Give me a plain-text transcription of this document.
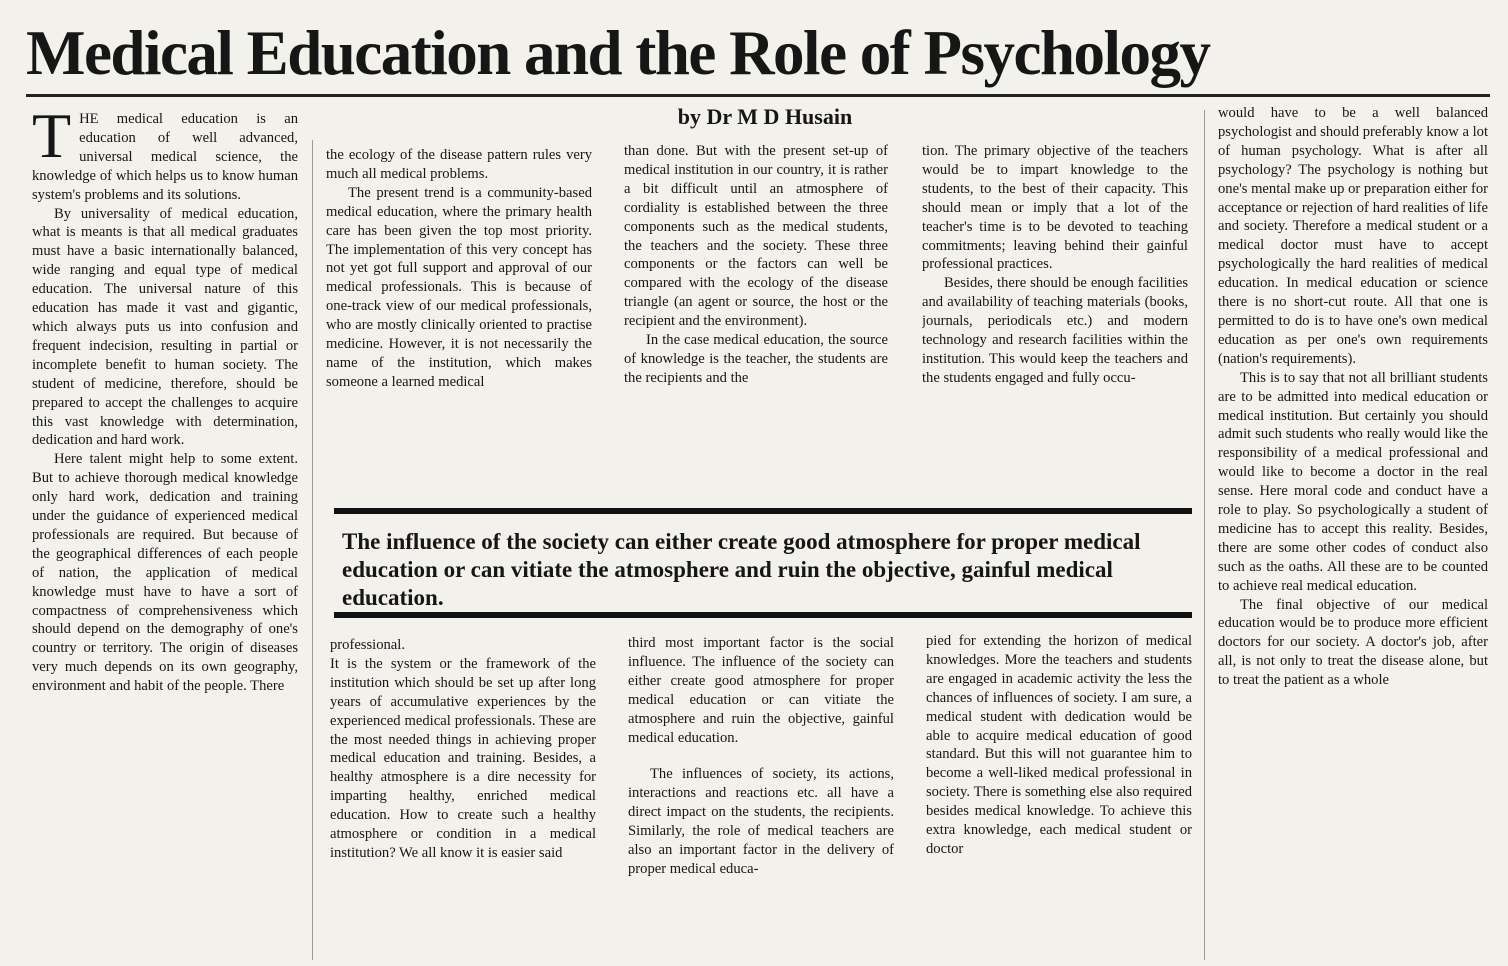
Medical Education and the Role of Psychology
by Dr M D Husain

THE medical education is an education of well advanced, universal medical science, the knowledge of which helps us to know human system's problems and its solutions.

By universality of medical education, what is meants is that all medical graduates must have a basic internationally balanced, wide ranging and equal type of medical education. The universal nature of this education has made it vast and gigantic, which always puts us into confusion and frequent indecision, resulting in partial or incomplete benefit to human society. The student of medicine, therefore, should be prepared to accept the challenges to acquire this vast knowledge with determination, dedication and hard work.

Here talent might help to some extent. But to achieve thorough medical knowledge only hard work, dedication and training under the guidance of experienced medical professionals are required. But because of the geographical differences of each people of nation, the application of medical knowledge must have to have a sort of compactness of comprehensiveness which should depend on the demography of one's country or territory. The origin of diseases very much depends on its own geography, environment and habit of the people. There

the ecology of the disease pattern rules very much all medical problems.

The present trend is a community-based medical education, where the primary health care has been given the top most priority. The implementation of this very concept has not yet got full support and approval of our medical professionals. This is because of one-track view of our medical professionals, who are mostly clinically oriented to practise medicine. However, it is not necessarily the name of the institution, which makes someone a learned medical

than done. But with the present set-up of medical institution in our country, it is rather a bit difficult until an atmosphere of cordiality is established between the three components such as the medical students, the teachers and the society. These three components or the factors can well be compared with the ecology of the disease triangle (an agent or source, the host or the recipient and the environment).

In the case medical education, the source of knowledge is the teacher, the students are the recipients and the

tion. The primary objective of the teachers would be to impart knowledge to the students, to the best of their capacity. This should mean or imply that a lot of the teacher's time is to be devoted to teaching commitments; leaving behind their gainful professional practices.

Besides, there should be enough facilities and availability of teaching materials (books, journals, periodicals etc.) and modern technology and research facilities within the institution. This would keep the teachers and the students engaged and fully occu-

The influence of the society can either create good atmosphere for proper medical education or can vitiate the atmosphere and ruin the objective, gainful medical education.

professional.

It is the system or the framework of the institution which should be set up after long years of accumulative experiences by the experienced medical professionals. These are the most needed things in achieving proper medical education and training. Besides, a healthy atmosphere is a dire necessity for imparting healthy, enriched medical education. How to create such a healthy atmosphere or condition in a medical institution? We all know it is easier said

third most important factor is the social influence. The influence of the society can either create good atmosphere for proper medical education or can vitiate the atmosphere and ruin the objective, gainful medical education.

The influences of society, its actions, interactions and reactions etc. all have a direct impact on the students, the recipients. Similarly, the role of medical teachers are also an important factor in the delivery of proper medical educa-

pied for extending the horizon of medical knowledges. More the teachers and students are engaged in academic activity the less the chances of influences of society. I am sure, a medical student with dedication would be able to acquire medical education of good standard. But this will not guarantee him to become a well-liked medical professional in society. There is something else also required besides medical knowledge. To achieve this extra knowledge, each medical student or doctor

would have to be a well balanced psychologist and should preferably know a lot of human psychology. What is after all psychology? The psychology is nothing but one's mental make up or preparation either for acceptance or rejection of hard realities of life and society. Therefore a medical student or a medical doctor must have to accept psychologically the hard realities of medical education. In medical education or science there is no short-cut route. All that one is permitted to do is to have one's own medical education as per one's own requirements (nation's requirements).

This is to say that not all brilliant students are to be admitted into medical education or medical institution. But certainly you should admit such students who really would like the responsibility of a medical professional and would like to become a doctor in the real sense. Here moral code and conduct have a role to play. So psychologically a student of medicine has to accept this reality. Besides, there are some other codes of conduct also such as the oaths. All these are to be counted to achieve real medical education.

The final objective of our medical education would be to produce more efficient doctors for our society. A doctor's job, after all, is not only to treat the disease alone, but to treat the patient as a whole
